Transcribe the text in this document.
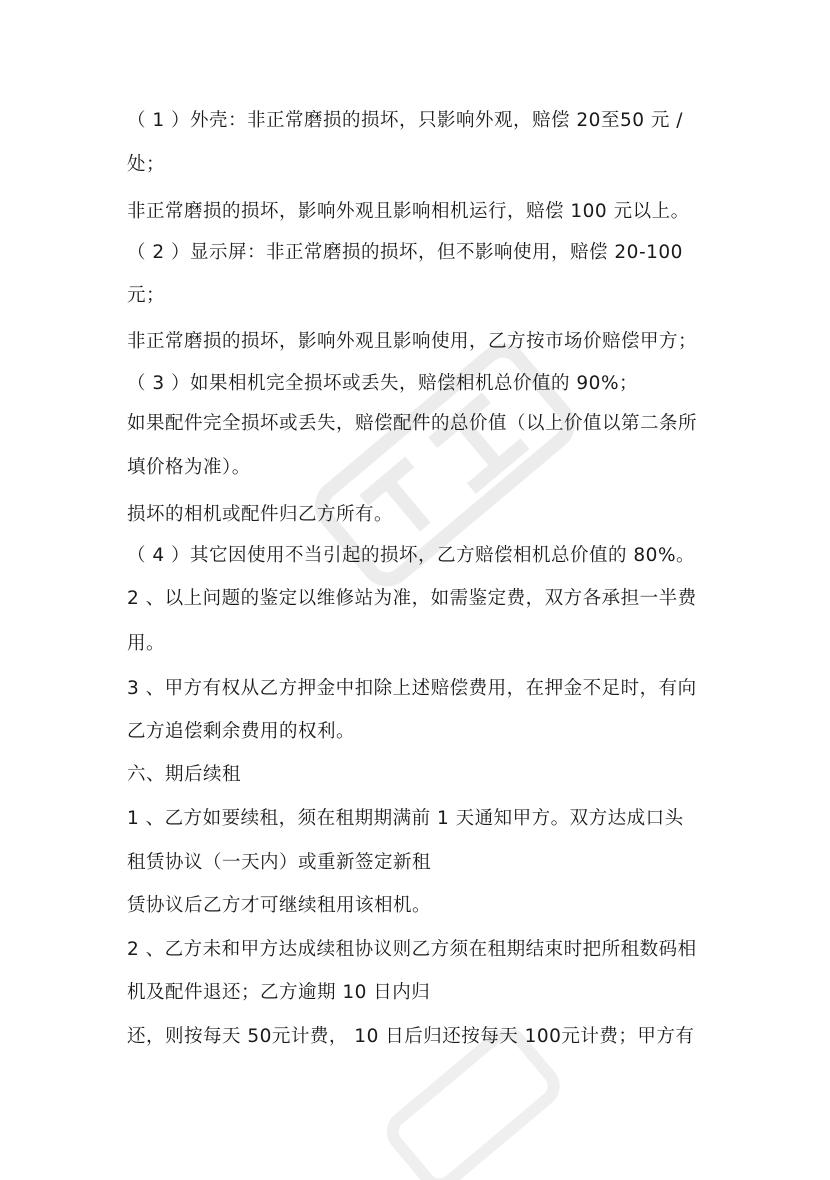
（ 1 ）外壳：非正常磨损的损坏，只影响外观，赔偿 20至50 元 /
处；
非正常磨损的损坏，影响外观且影响相机运行，赔偿 100 元以上。
（ 2 ）显示屏：非正常磨损的损坏，但不影响使用，赔偿 20-100
元；
非正常磨损的损坏，影响外观且影响使用，乙方按市场价赔偿甲方；
（ 3 ）如果相机完全损坏或丢失，赔偿相机总价值的 90%；
如果配件完全损坏或丢失，赔偿配件的总价值（以上价值以第二条所
填价格为准）。
损坏的相机或配件归乙方所有。
（ 4 ）其它因使用不当引起的损坏，乙方赔偿相机总价值的 80%。
2 、以上问题的鉴定以维修站为准，如需鉴定费，双方各承担一半费
用。
3 、甲方有权从乙方押金中扣除上述赔偿费用，在押金不足时，有向
乙方追偿剩余费用的权利。
六、期后续租
1 、乙方如要续租，须在租期期满前 1 天通知甲方。双方达成口头
租赁协议（一天内）或重新签定新租
赁协议后乙方才可继续租用该相机。
2 、乙方未和甲方达成续租协议则乙方须在租期结束时把所租数码相
机及配件退还；乙方逾期 10 日内归
还，则按每天 50元计费， 10 日后归还按每天 100元计费；甲方有
